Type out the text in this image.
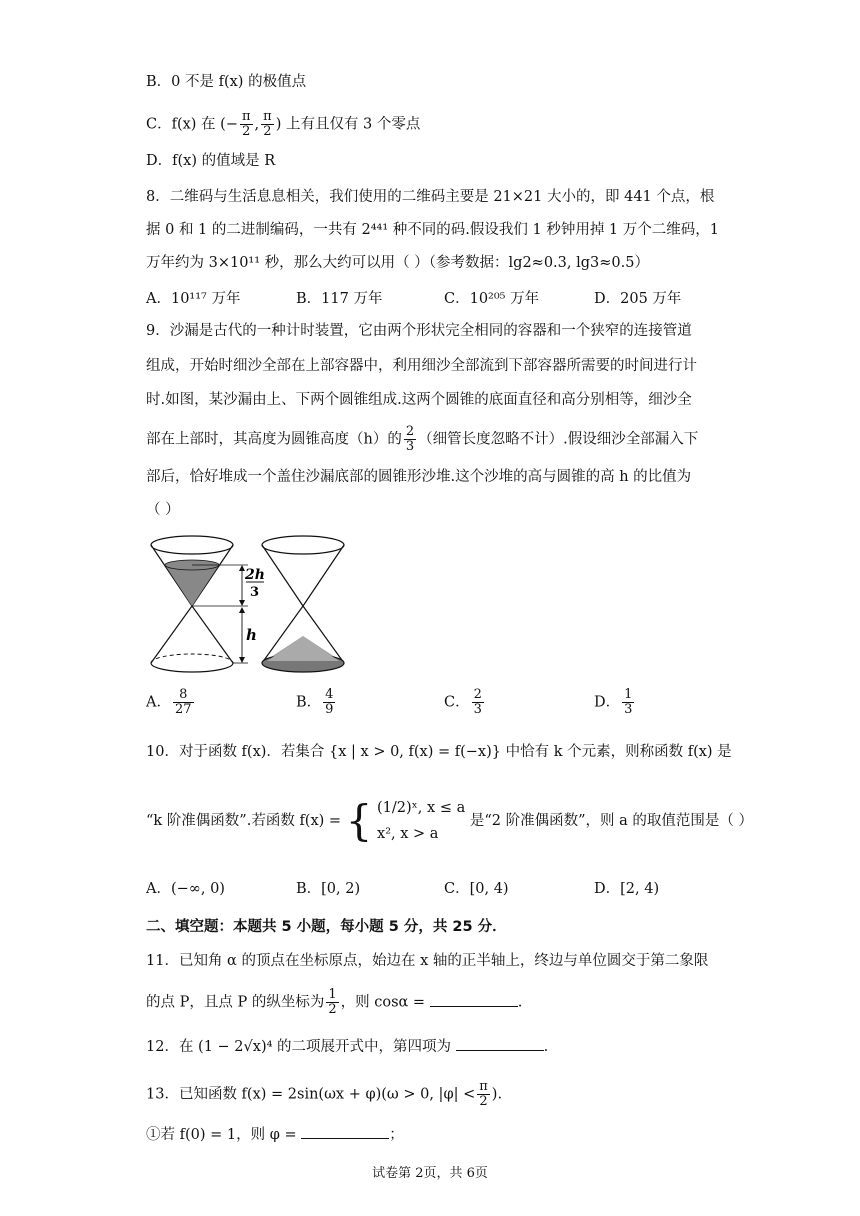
B．0 不是 f(x) 的极值点
C．f(x) 在 (− $\frac{\pi}{2}$ , $\frac{\pi}{2}$ ) 上有且仅有 3 个零点
D．f(x) 的值域是 R
8．二维码与生活息息相关，我们使用的二维码主要是 21×21 大小的，即 441 个点，根
据 0 和 1 的二进制编码，一共有 2⁴⁴¹ 种不同的码.假设我们 1 秒钟用掉 1 万个二维码，1
万年约为 3×10¹¹ 秒，那么大约可以用（ ）（参考数据：lg2≈0.3, lg3≈0.5）
A．10¹¹⁷ 万年	B．117 万年	C．10²⁰⁵ 万年	D．205 万年
9．沙漏是古代的一种计时装置，它由两个形状完全相同的容器和一个狭窄的连接管道
组成，开始时细沙全部在上部容器中，利用细沙全部流到下部容器所需要的时间进行计
时.如图，某沙漏由上、下两个圆锥组成.这两个圆锥的底面直径和高分别相等，细沙全
部在上部时，其高度为圆锥高度（h）的 $\frac{2}{3}$ （细管长度忽略不计）.假设细沙全部漏入下
部后，恰好堆成一个盖住沙漏底部的圆锥形沙堆.这个沙堆的高与圆锥的高 h 的比值为
（ ）
2h
3
h
A． $\frac{8}{27}$	B． $\frac{4}{9}$	C． $\frac{2}{3}$	D． $\frac{1}{3}$
10．对于函数 f(x)．若集合 {x | x > 0, f(x) = f(−x)} 中恰有 k 个元素，则称函数 f(x) 是
“k 阶准偶函数”.若函数 f(x) = { (1/2)ˣ, x ≤ a
x², x > a
是“2 阶准偶函数”，则 a 的取值范围是（ ）
A．(−∞, 0)	B．[0, 2)	C．[0, 4)	D．[2, 4)
二、填空题：本题共 5 小题，每小题 5 分，共 25 分．
11．已知角 α 的顶点在坐标原点，始边在 x 轴的正半轴上，终边与单位圆交于第二象限
的点 P，且点 P 的纵坐标为 $\frac{1}{2}$ ，则 cosα =	.
12．在 (1 − 2√x)⁴ 的二项展开式中，第四项为	.
13．已知函数 f(x) = 2sin(ωx + φ)(ω > 0, $|\varphi| < \frac{\pi}{2}$ ).
①若 f(0) = 1，则 φ =	；
试卷第 2页，共 6页
